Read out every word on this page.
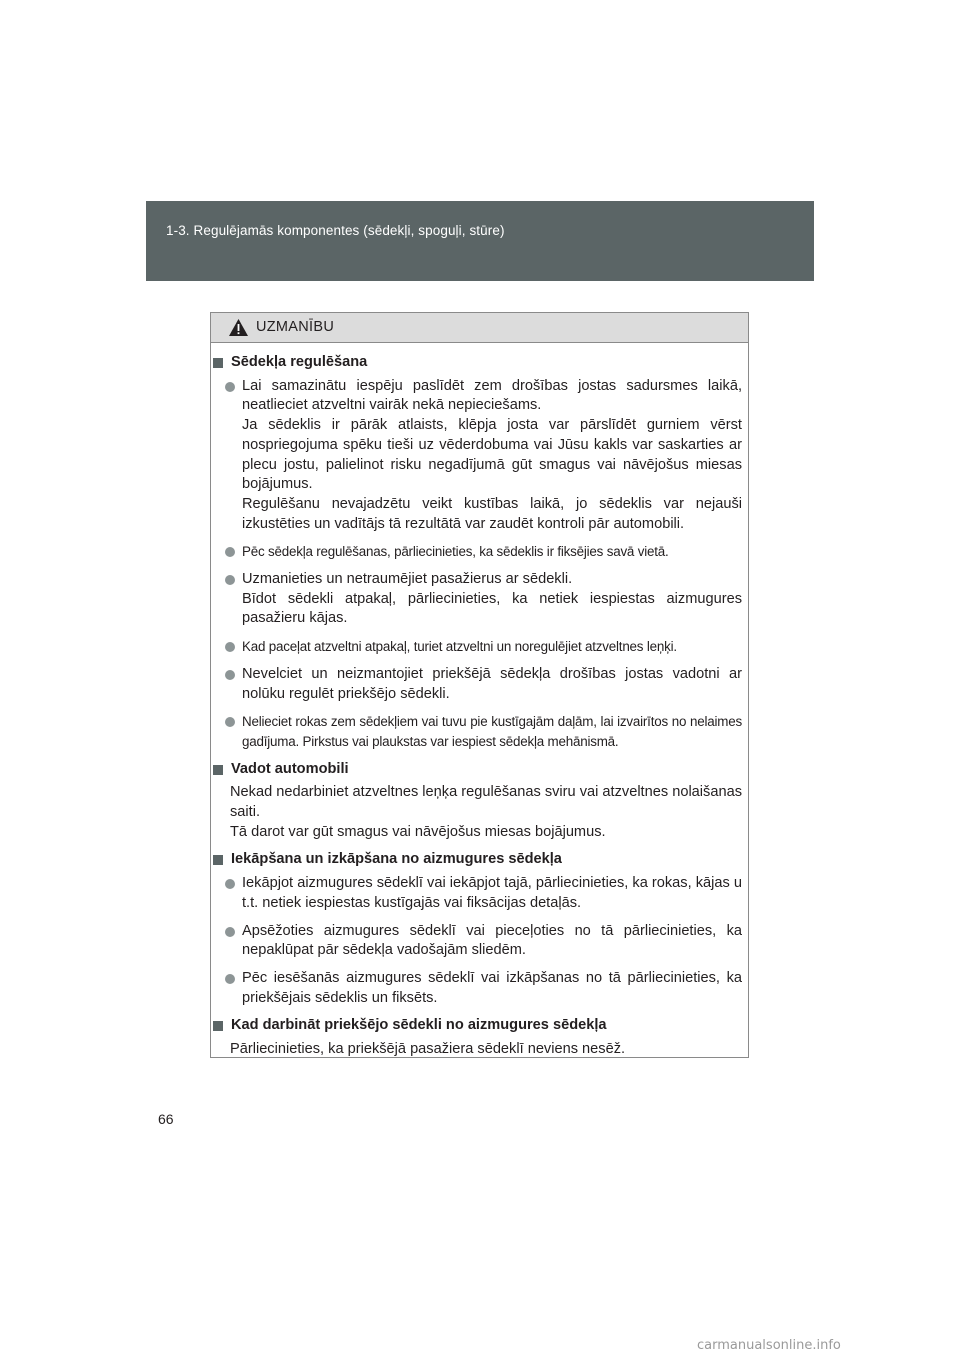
1-3. Regulējamās komponentes (sēdekļi, spoguļi, stūre)
UZMANĪBU
Sēdekļa regulēšana

Lai samazinātu iespēju paslīdēt zem drošības jostas sadursmes laikā, neatlieciet atzveltni vairāk nekā nepieciešams.

Ja sēdeklis ir pārāk atlaists, klēpja josta var pārslīdēt gurniem vērst nospriegojuma spēku tieši uz vēderdobuma vai Jūsu kakls var saskarties ar plecu jostu, palielinot risku negadījumā gūt smagus vai nāvējošus miesas bojājumus.

Regulēšanu nevajadzētu veikt kustības laikā, jo sēdeklis var nejauši izkustēties un vadītājs tā rezultātā var zaudēt kontroli pār automobili.

Pēc sēdekļa regulēšanas, pārliecinieties, ka sēdeklis ir fiksējies savā vietā.

Uzmanieties un netraumējiet pasažierus ar sēdekli.

Bīdot sēdekli atpakaļ, pārliecinieties, ka netiek iespiestas aizmugures pasažieru kājas.

Kad paceļat atzveltni atpakaļ, turiet atzveltni un noregulējiet atzveltnes leņķi.

Nevelciet un neizmantojiet priekšējā sēdekļa drošības jostas vadotni ar nolūku regulēt priekšējo sēdekli.

Nelieciet rokas zem sēdekļiem vai tuvu pie kustīgajām daļām, lai izvairītos no nelaimes gadījuma. Pirkstus vai plaukstas var iespiest sēdekļa mehānismā.

Vadot automobili

Nekad nedarbiniet atzveltnes leņķa regulēšanas sviru vai atzveltnes nolaišanas saiti.

Tā darot var gūt smagus vai nāvējošus miesas bojājumus.

Iekāpšana un izkāpšana no aizmugures sēdekļa

Iekāpjot aizmugures sēdeklī vai iekāpjot tajā, pārliecinieties, ka rokas, kājas u t.t. netiek iespiestas kustīgajās vai fiksācijas detaļās.

Apsēžoties aizmugures sēdeklī vai pieceļoties no tā pārliecinieties, ka nepaklūpat pār sēdekļa vadošajām sliedēm.

Pēc iesēšanās aizmugures sēdeklī vai izkāpšanas no tā pārliecinieties, ka priekšējais sēdeklis un fiksēts.

Kad darbināt priekšējo sēdekli no aizmugures sēdekļa

Pārliecinieties, ka priekšējā pasažiera sēdeklī neviens nesēž.

66
carmanualsonline.info
